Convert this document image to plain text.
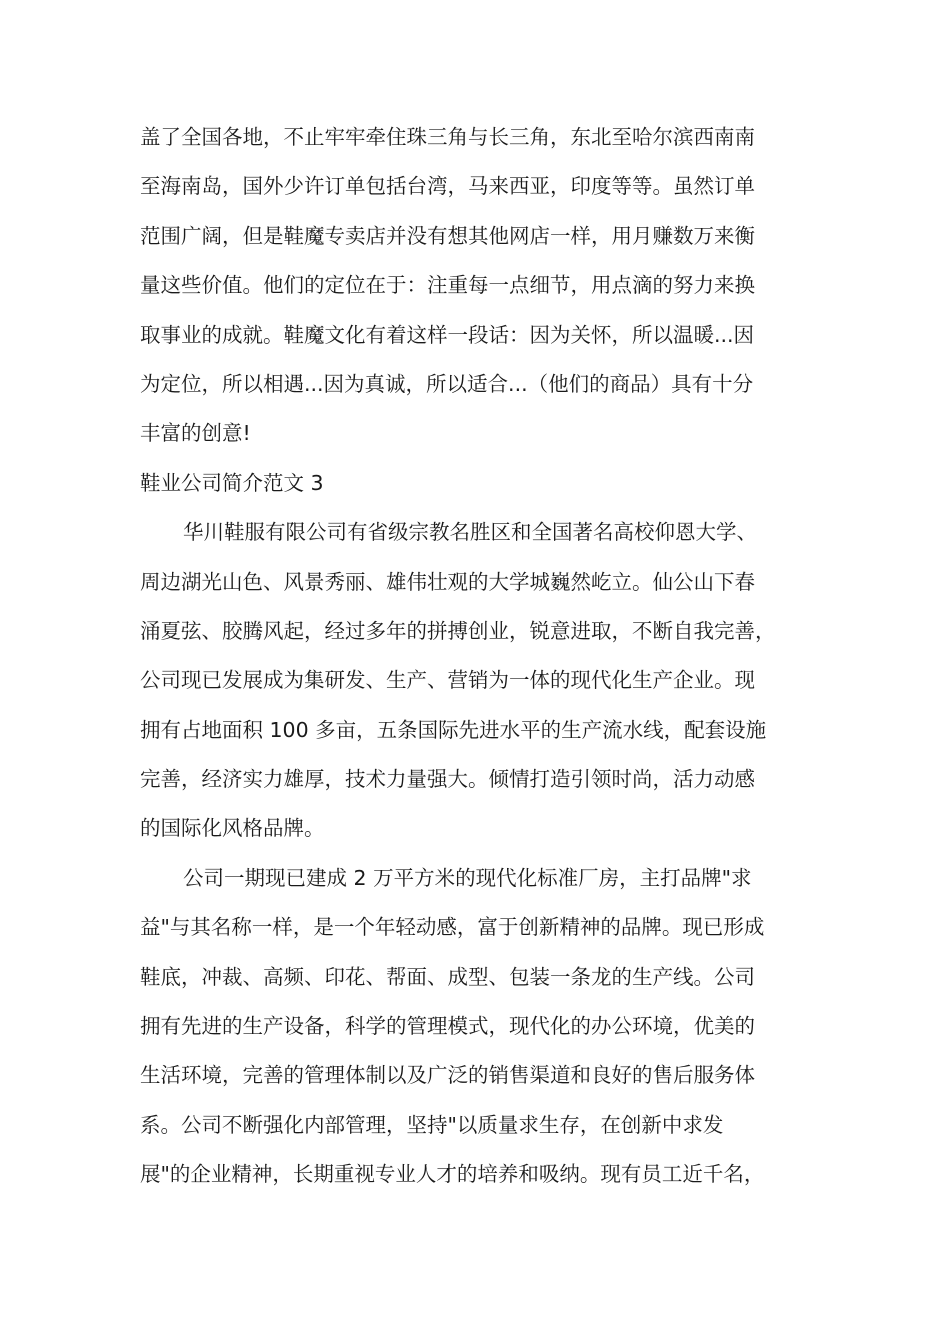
盖了全国各地，不止牢牢牵住珠三角与长三角，东北至哈尔滨西南南
至海南岛，国外少许订单包括台湾，马来西亚，印度等等。虽然订单
范围广阔，但是鞋魔专卖店并没有想其他网店一样，用月赚数万来衡
量这些价值。他们的定位在于：注重每一点细节，用点滴的努力来换
取事业的成就。鞋魔文化有着这样一段话：因为关怀，所以温暖...因
为定位，所以相遇...因为真诚，所以适合...（他们的商品）具有十分
丰富的创意!
鞋业公司简介范文 3
华川鞋服有限公司有省级宗教名胜区和全国著名高校仰恩大学、
周边湖光山色、风景秀丽、雄伟壮观的大学城巍然屹立。仙公山下春
涌夏弦、胶腾风起，经过多年的拼搏创业，锐意进取，不断自我完善，
公司现已发展成为集研发、生产、营销为一体的现代化生产企业。现
拥有占地面积 100 多亩，五条国际先进水平的生产流水线，配套设施
完善，经济实力雄厚，技术力量强大。倾情打造引领时尚，活力动感
的国际化风格品牌。
公司一期现已建成 2 万平方米的现代化标准厂房，主打品牌"求
益"与其名称一样，是一个年轻动感，富于创新精神的品牌。现已形成
鞋底，冲裁、高频、印花、帮面、成型、包装一条龙的生产线。公司
拥有先进的生产设备，科学的管理模式，现代化的办公环境，优美的
生活环境，完善的管理体制以及广泛的销售渠道和良好的售后服务体
系。公司不断强化内部管理，坚持"以质量求生存，在创新中求发
展"的企业精神，长期重视专业人才的培养和吸纳。现有员工近千名，
